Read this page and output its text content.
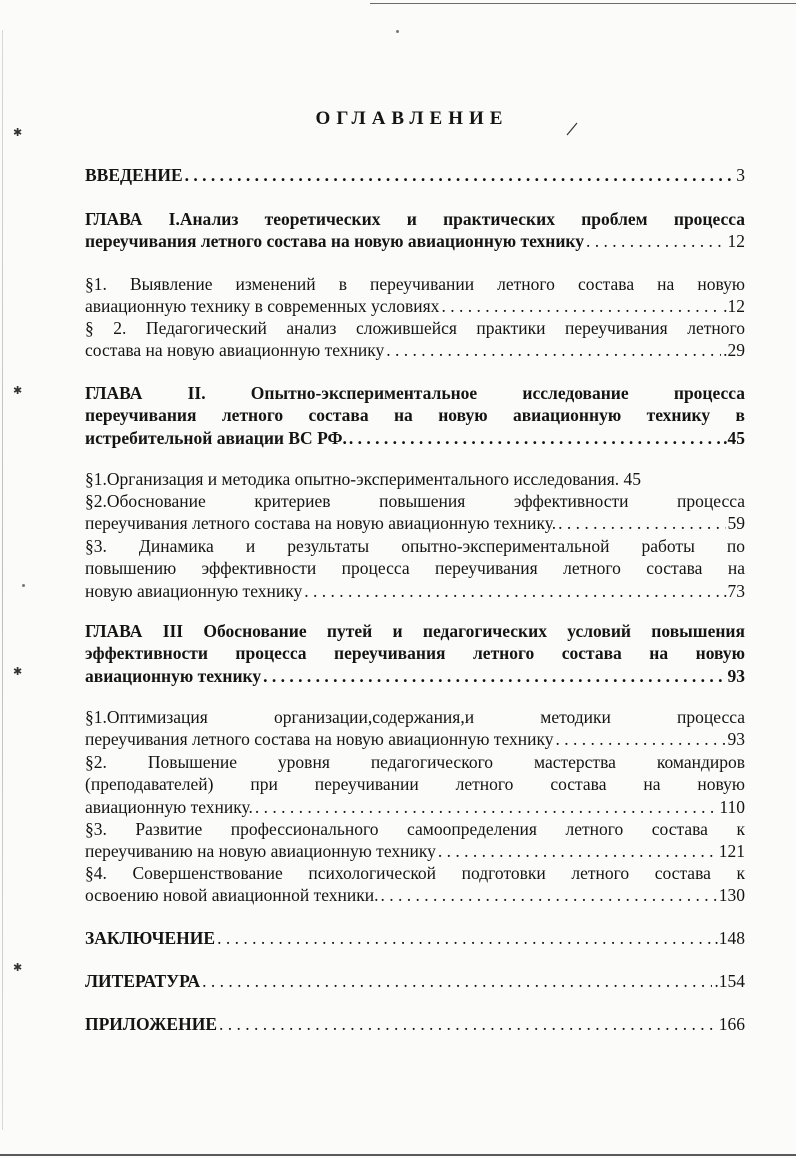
✱
✱
✱
✱
ОГЛАВЛЕНИЕ
ВВЕДЕНИЕ . . .	3
ГЛАВА I.Анализ теоретических и практических проблем процесса
переучивания летного состава на новую авиационную технику . . .	12
§1. Выявление изменений в переучивании летного состава на новую
авиационную технику в современных условиях . . .	.12
§ 2. Педагогический анализ сложившейся практики переучивания летного
состава на новую авиационную технику . . .	.29
ГЛАВА II. Опытно-экспериментальное исследование процесса
переучивания летного состава на новую авиационную технику в
истребительной авиации ВС РФ. . . .	.45
§1.Организация и методика опытно-экспериментального исследования. 45
§2.Обоснование критериев повышения эффективности процесса
переучивания летного состава на новую авиационную технику. . . .	59
§3. Динамика и результаты опытно-экспериментальной работы по
повышению эффективности процесса переучивания летного состава на
новую авиационную технику . . .	.73
ГЛАВА III Обоснование путей и педагогических условий повышения
эффективности процесса переучивания летного состава на новую
авиационную технику . . .	93
§1.Оптимизация организации,содержания,и методики процесса
переучивания летного состава на новую авиационную технику . . .	93
§2. Повышение уровня педагогического мастерства командиров
(преподавателей) при переучивании летного состава на новую
авиационную технику. . . .	110
§3. Развитие профессионального самоопределения летного состава к
переучиванию на новую авиационную технику . . .	121
§4. Совершенствование психологической подготовки летного состава к
освоению новой авиационной техники. . . .	130
ЗАКЛЮЧЕНИЕ . . .	.148
ЛИТЕРАТУРА . . .	.154
ПРИЛОЖЕНИЕ . . .	166
